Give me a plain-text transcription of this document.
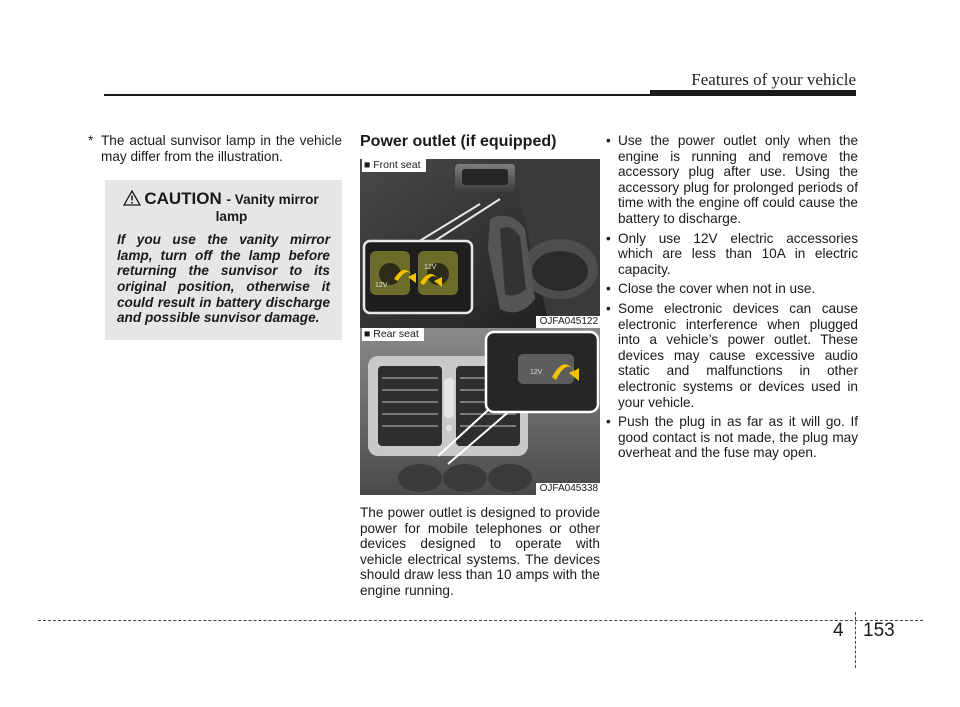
Features of your vehicle
* The actual sunvisor lamp in the vehicle may differ from the illustration.
CAUTION - Vanity mirror
lamp
If you use the vanity mirror lamp, turn off the lamp before returning the sunvisor to its original position, otherwise it could result in battery discharge and possible sunvisor damage.
Power outlet (if equipped)
12V
12V
■ Front seat
OJFA045122
12V
■ Rear seat
OJFA045338
The power outlet is designed to provide power for mobile telephones or other devices designed to operate with vehicle electrical systems. The devices should draw less than 10 amps with the engine running.
• Use the power outlet only when the engine is running and remove the accessory plug after use. Using the accessory plug for prolonged periods of time with the engine off could cause the battery to discharge.
• Only use 12V electric accessories which are less than 10A in electric capacity.
• Close the cover when not in use.
• Some electronic devices can cause electronic interference when plugged into a vehicle’s power outlet. These devices may cause excessive audio static and malfunctions in other electronic systems or devices used in your vehicle.
• Push the plug in as far as it will go. If good contact is not made, the plug may overheat and the fuse may open.
4 153
